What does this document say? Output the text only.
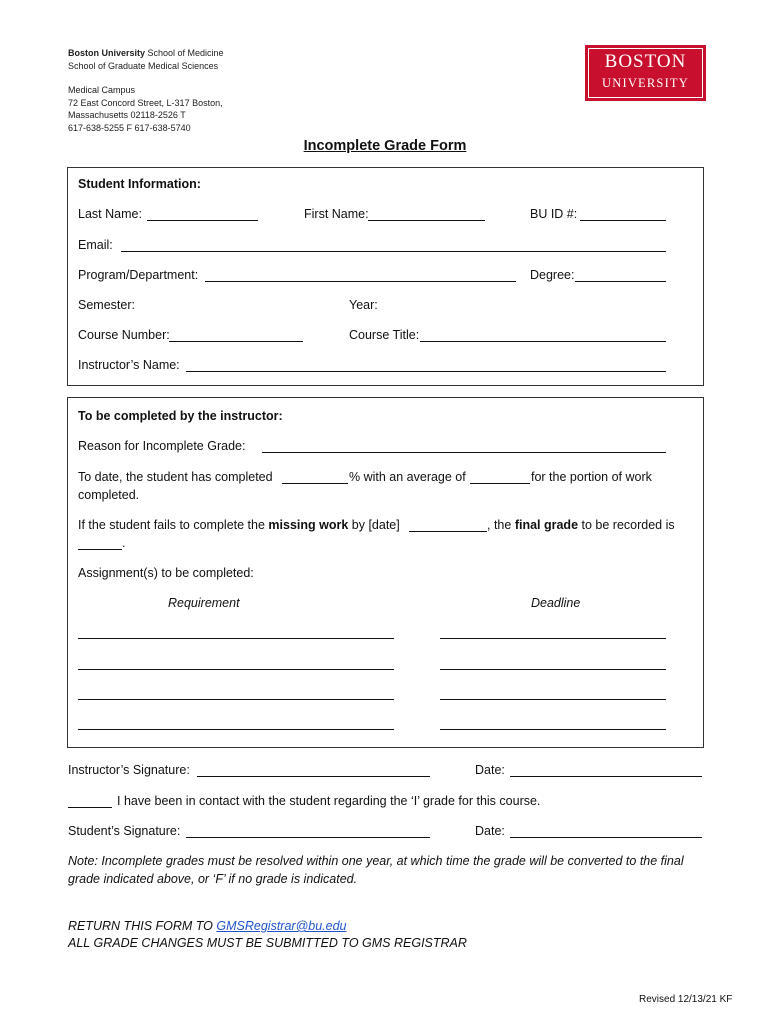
Boston University School of Medicine
School of Graduate Medical Sciences
Medical Campus
72 East Concord Street, L-317 Boston,
Massachusetts 02118-2526 T
617-638-5255 F 617-638-5740
BOSTON
UNIVERSITY
Incomplete Grade Form
Student Information:
Last Name:	First Name:	BU ID #:
Email:
Program/Department:	Degree:
Semester:	Year:
Course Number:	Course Title:
Instructor’s Name:
To be completed by the instructor:
Reason for Incomplete Grade:
To date, the student has completed	% with an average of	for the portion of work
completed.
If the student fails to complete the missing work by [date]	, the final grade to be recorded is
.
Assignment(s) to be completed:
Requirement	Deadline
Instructor’s Signature:	Date:
I have been in contact with the student regarding the ‘I’ grade for this course.
Student’s Signature:	Date:
Note: Incomplete grades must be resolved within one year, at which time the grade will be converted to the final
grade indicated above, or ‘F’ if no grade is indicated.
RETURN THIS FORM TO GMSRegistrar@bu.edu
ALL GRADE CHANGES MUST BE SUBMITTED TO GMS REGISTRAR
Revised 12/13/21 KF
